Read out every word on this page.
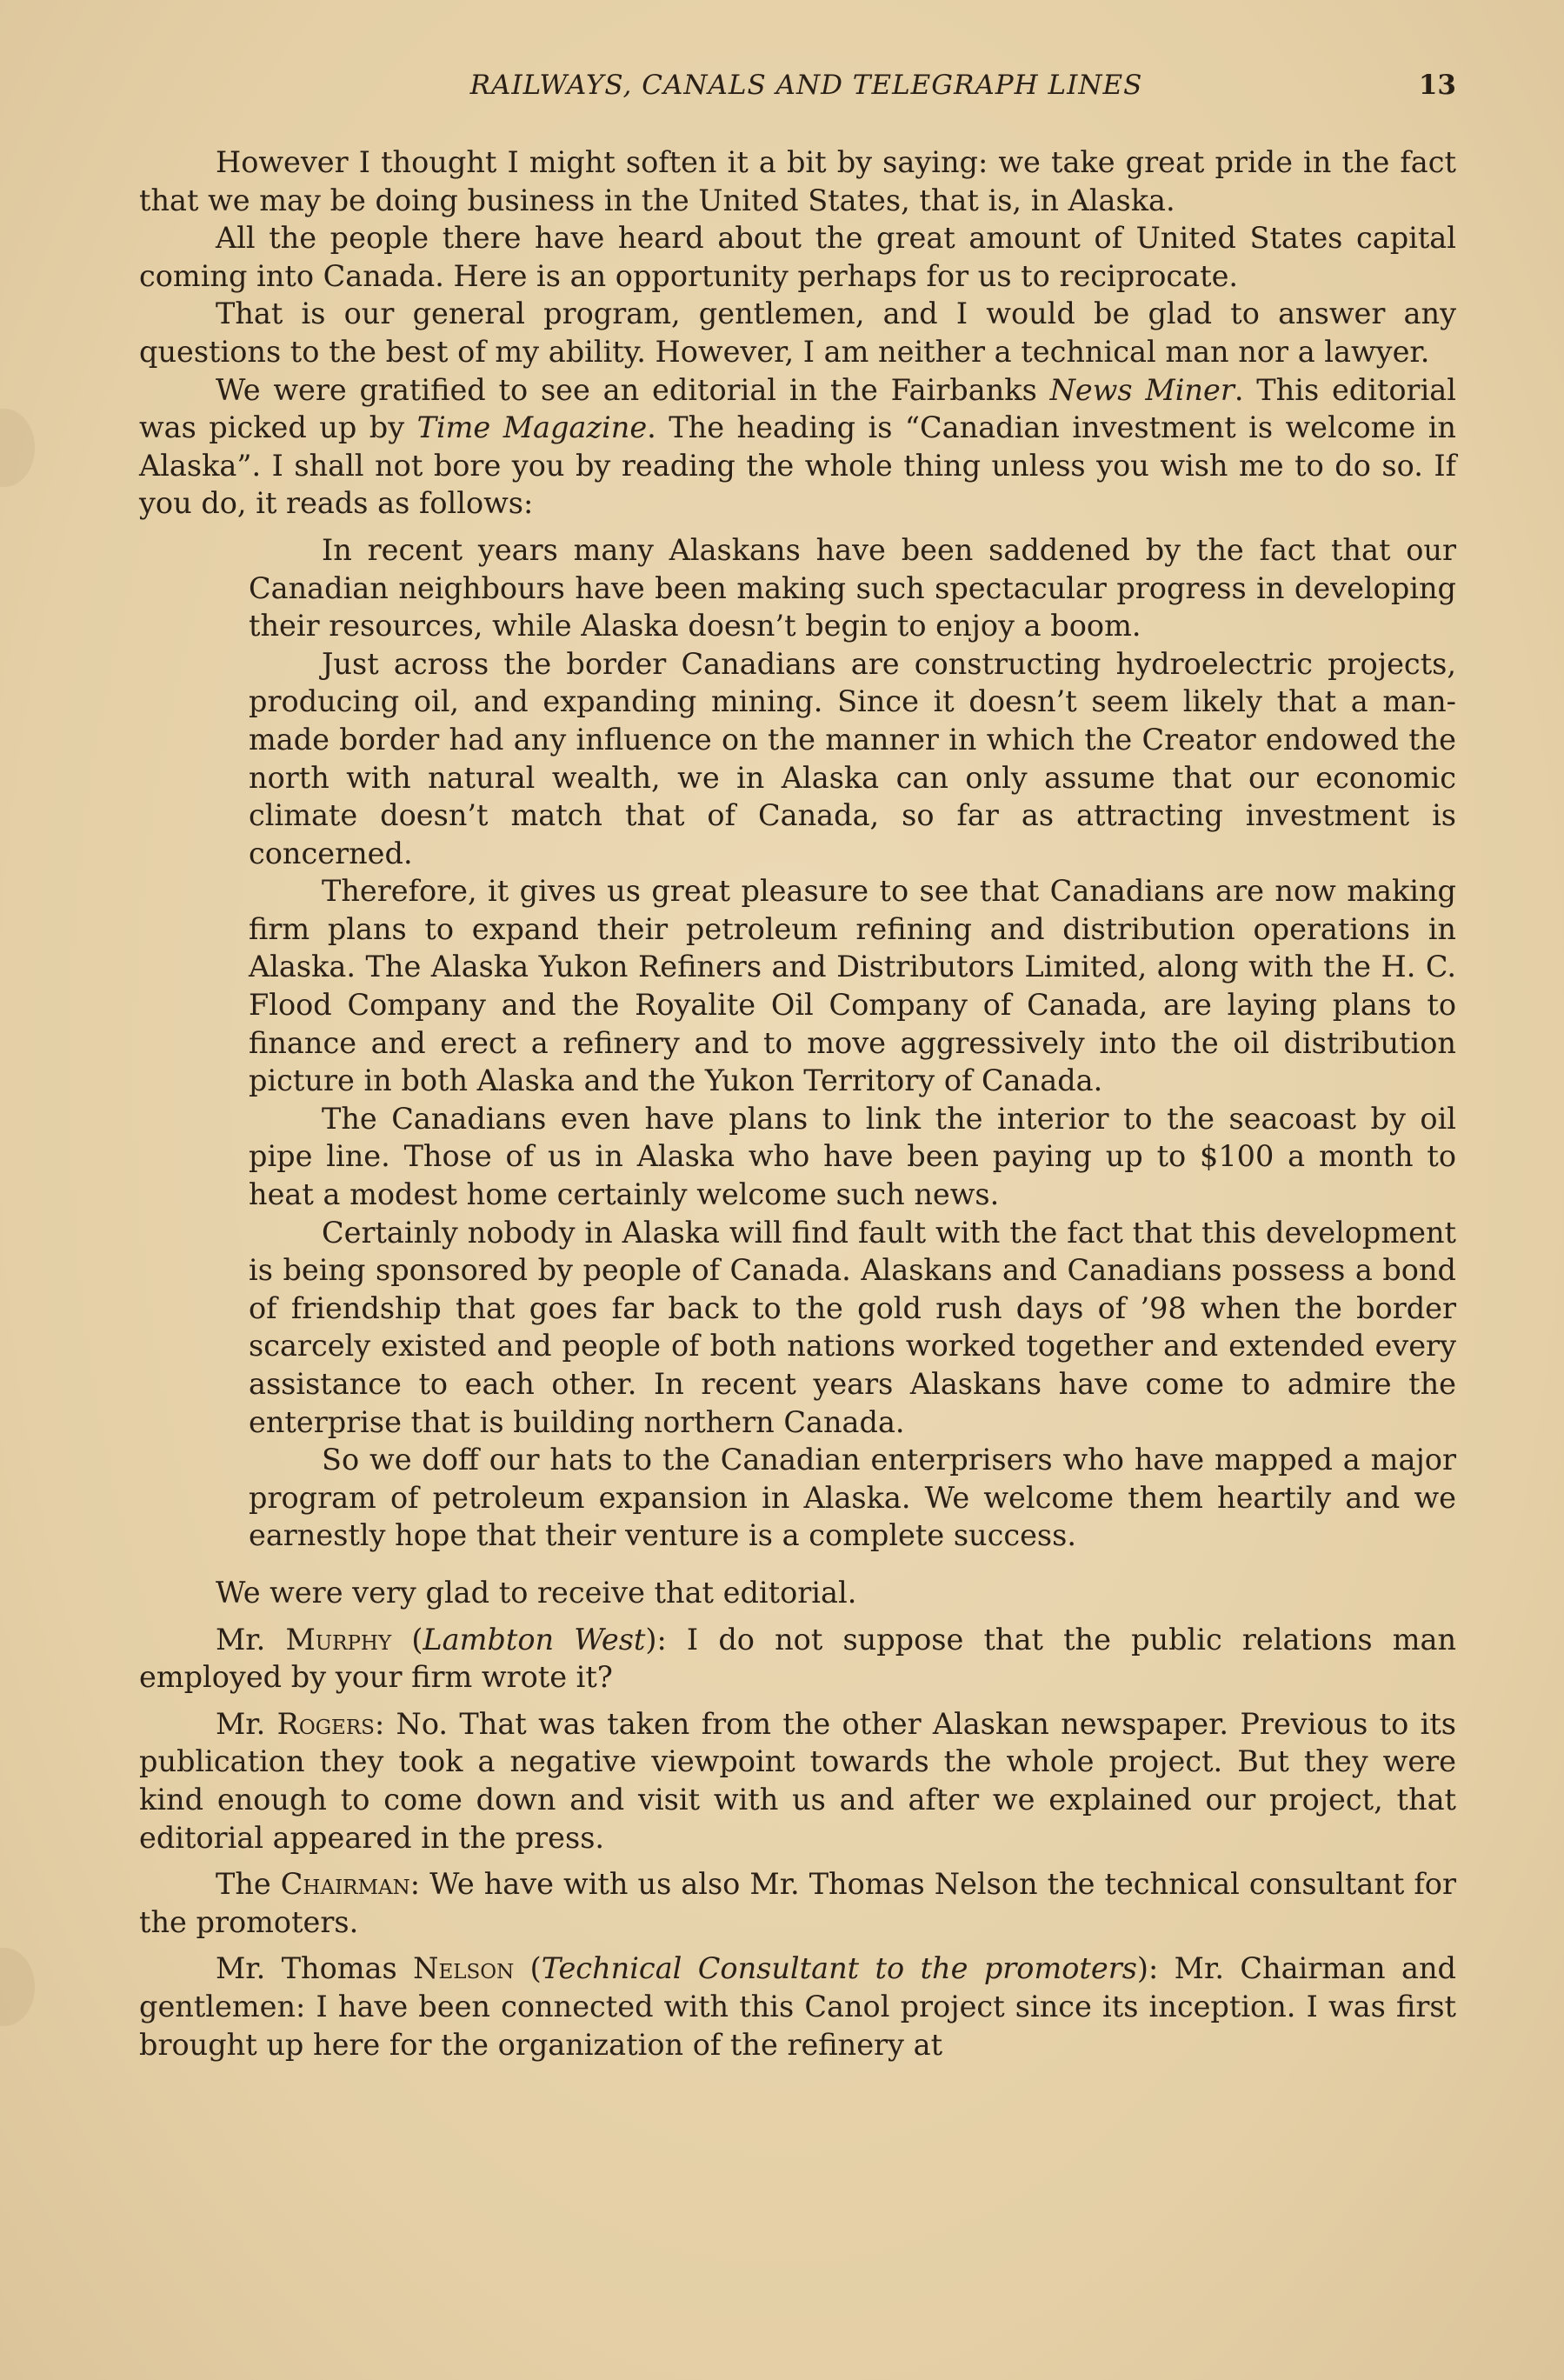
RAILWAYS, CANALS AND TELEGRAPH LINES	13

However I thought I might soften it a bit by saying: we take great pride in the fact that we may be doing business in the United States, that is, in Alaska.

All the people there have heard about the great amount of United States capital coming into Canada. Here is an opportunity perhaps for us to reciprocate.

That is our general program, gentlemen, and I would be glad to answer any questions to the best of my ability. However, I am neither a technical man nor a lawyer.

We were gratified to see an editorial in the Fairbanks News Miner. This editorial was picked up by Time Magazine. The heading is “Canadian investment is welcome in Alaska”. I shall not bore you by reading the whole thing unless you wish me to do so. If you do, it reads as follows:

In recent years many Alaskans have been saddened by the fact that our Canadian neighbours have been making such spectacular progress in developing their resources, while Alaska doesn’t begin to enjoy a boom.

Just across the border Canadians are constructing hydroelectric projects, producing oil, and expanding mining. Since it doesn’t seem likely that a man-made border had any influence on the manner in which the Creator endowed the north with natural wealth, we in Alaska can only assume that our economic climate doesn’t match that of Canada, so far as attracting investment is concerned.

Therefore, it gives us great pleasure to see that Canadians are now making firm plans to expand their petroleum refining and distribution operations in Alaska. The Alaska Yukon Refiners and Distributors Limited, along with the H. C. Flood Company and the Royalite Oil Company of Canada, are laying plans to finance and erect a refinery and to move aggressively into the oil distribution picture in both Alaska and the Yukon Territory of Canada.

The Canadians even have plans to link the interior to the seacoast by oil pipe line. Those of us in Alaska who have been paying up to $100 a month to heat a modest home certainly welcome such news.

Certainly nobody in Alaska will find fault with the fact that this development is being sponsored by people of Canada. Alaskans and Canadians possess a bond of friendship that goes far back to the gold rush days of ’98 when the border scarcely existed and people of both nations worked together and extended every assistance to each other. In recent years Alaskans have come to admire the enterprise that is building northern Canada.

So we doff our hats to the Canadian enterprisers who have mapped a major program of petroleum expansion in Alaska. We welcome them heartily and we earnestly hope that their venture is a complete success.

We were very glad to receive that editorial.

Mr. Murphy (Lambton West): I do not suppose that the public relations man employed by your firm wrote it?

Mr. Rogers: No. That was taken from the other Alaskan newspaper. Previous to its publication they took a negative viewpoint towards the whole project. But they were kind enough to come down and visit with us and after we explained our project, that editorial appeared in the press.

The Chairman: We have with us also Mr. Thomas Nelson the technical consultant for the promoters.

Mr. Thomas Nelson (Technical Consultant to the promoters): Mr. Chairman and gentlemen: I have been connected with this Canol project since its inception. I was first brought up here for the organization of the refinery at
